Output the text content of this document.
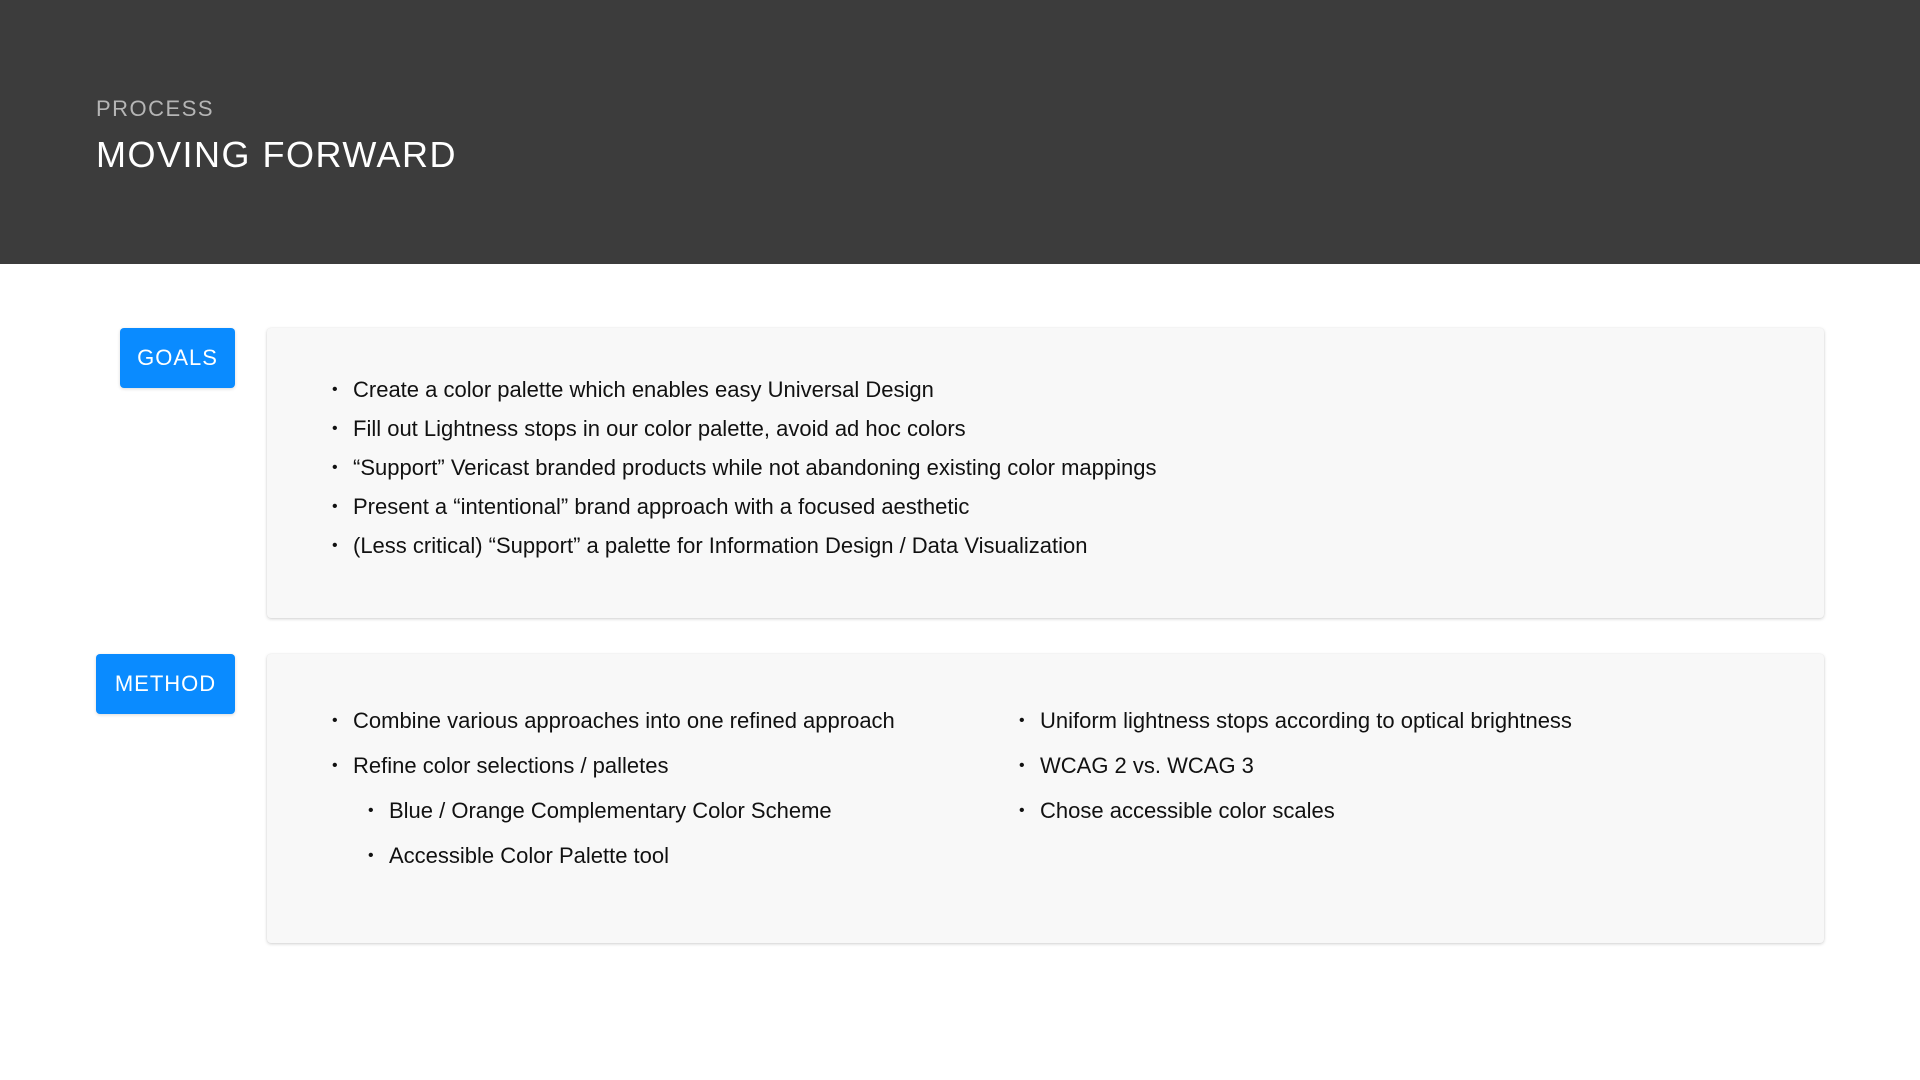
PROCESS
MOVING FORWARD
GOALS
• Create a color palette which enables easy Universal Design
• Fill out Lightness stops in our color palette, avoid ad hoc colors
• “Support” Vericast branded products while not abandoning existing color mappings
• Present a “intentional” brand approach with a focused aesthetic
• (Less critical) “Support” a palette for Information Design / Data Visualization
METHOD
• Combine various approaches into one refined approach
• Refine color selections / palletes
• Blue / Orange Complementary Color Scheme
• Accessible Color Palette tool
• Uniform lightness stops according to optical brightness
• WCAG 2 vs. WCAG 3
• Chose accessible color scales
